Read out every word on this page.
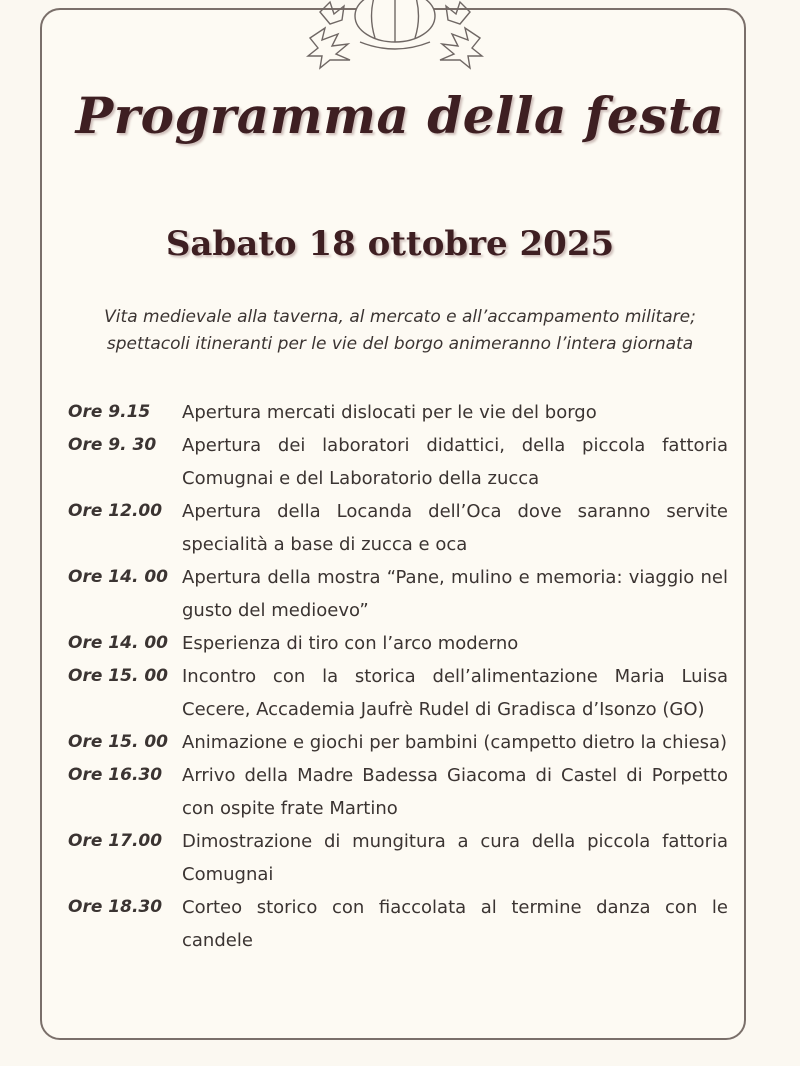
Programma della festa
Sabato 18 ottobre 2025
Vita medievale alla taverna, al mercato e all’accampamento militare;
spettacoli itineranti per le vie del borgo animeranno l’intera giornata
Ore 9.15	Apertura mercati dislocati per le vie del borgo
Ore 9. 30	Apertura dei laboratori didattici, della piccola fattoria Comugnai e del Laboratorio della zucca
Ore 12.00	Apertura della Locanda dell’Oca dove saranno servite specialità a base di zucca e oca
Ore 14. 00 Apertura della mostra “Pane, mulino e memoria: viaggio nel gusto del medioevo”
Ore 14. 00 Esperienza di tiro con l’arco moderno
Ore 15. 00 Incontro con la storica dell’alimentazione Maria Luisa Cecere, Accademia Jaufrè Rudel di Gradisca d’Isonzo (GO)
Ore 15. 00 Animazione e giochi per bambini (campetto dietro la chiesa)
Ore 16.30	Arrivo della Madre Badessa Giacoma di Castel di Porpetto con ospite frate Martino
Ore 17.00	Dimostrazione di mungitura a cura della piccola fattoria Comugnai
Ore 18.30	Corteo storico con fiaccolata al termine danza con le candele
